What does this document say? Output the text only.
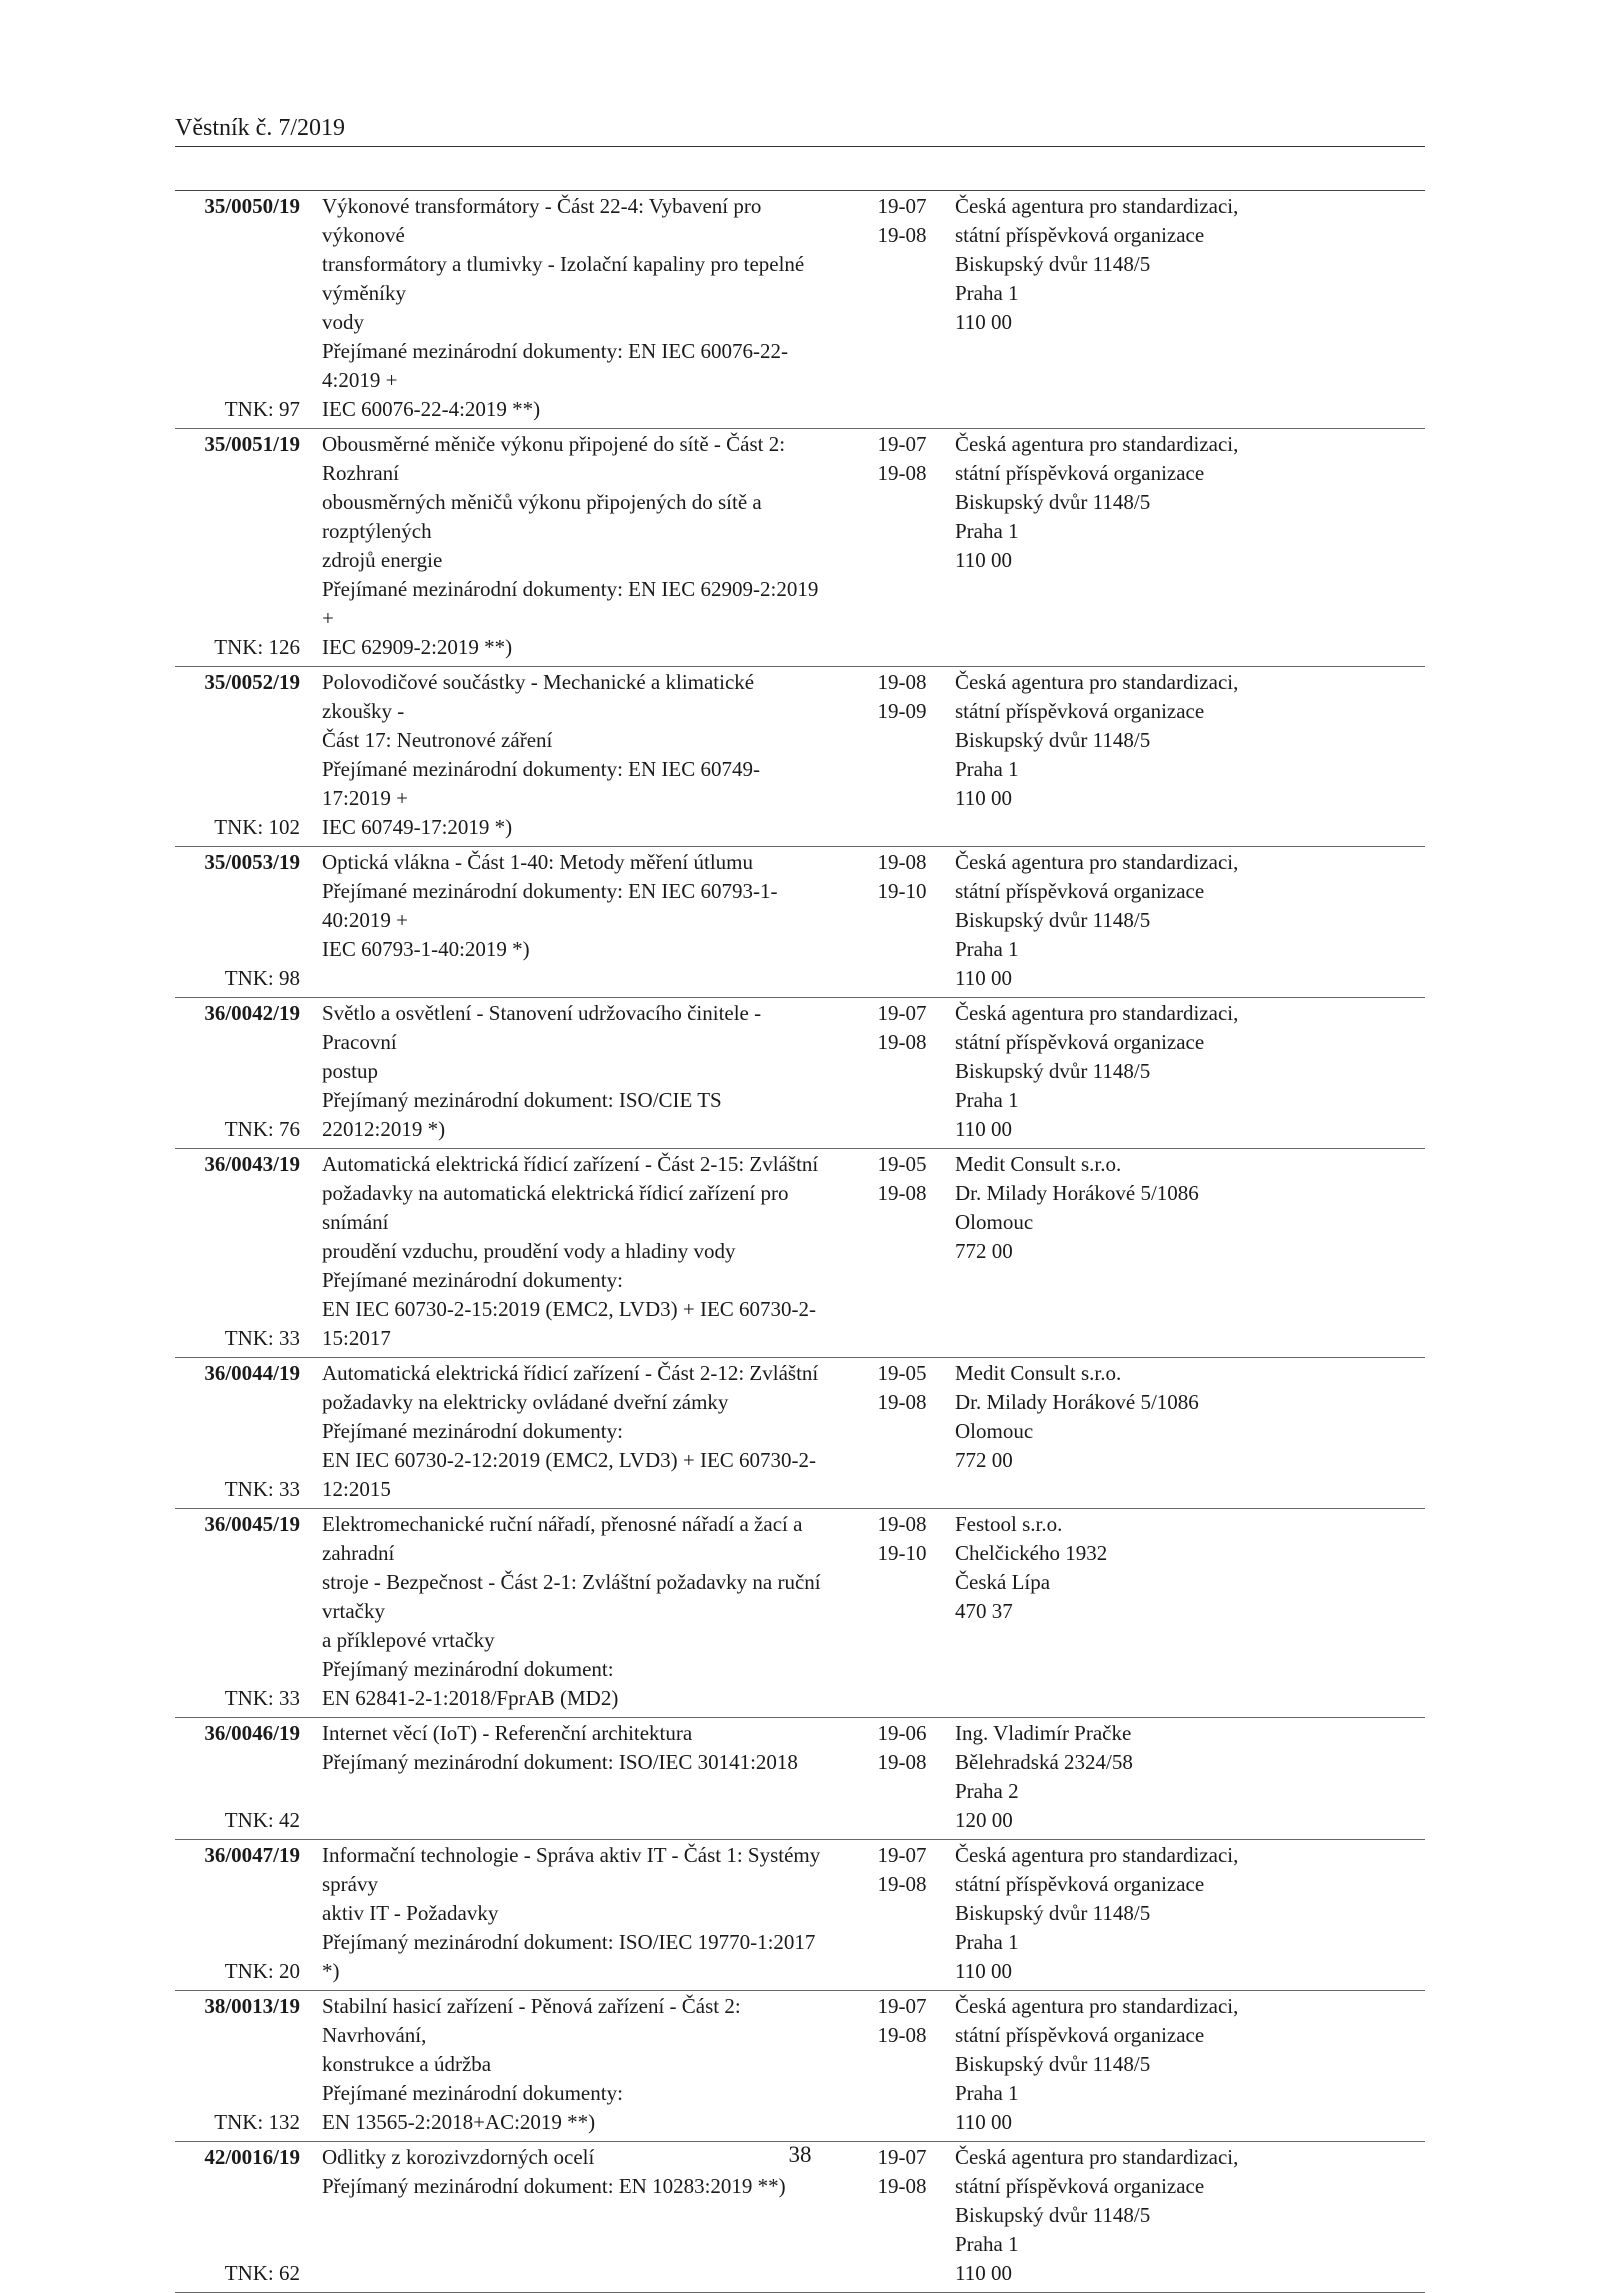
Věstník č. 7/2019
35/0050/19
TNK: 97
Výkonové transformátory - Část 22-4: Vybavení pro výkonové
transformátory a tlumivky - Izolační kapaliny pro tepelné výměníky
vody
Přejímané mezinárodní dokumenty: EN IEC 60076-22-4:2019 +
IEC 60076-22-4:2019 **)
19-07
19-08
Česká agentura pro standardizaci,
státní příspěvková organizace
Biskupský dvůr 1148/5
Praha 1
110 00
35/0051/19
TNK: 126
Obousměrné měniče výkonu připojené do sítě - Část 2: Rozhraní
obousměrných měničů výkonu připojených do sítě a rozptýlených
zdrojů energie
Přejímané mezinárodní dokumenty: EN IEC 62909-2:2019 +
IEC 62909-2:2019 **)
19-07
19-08
Česká agentura pro standardizaci,
státní příspěvková organizace
Biskupský dvůr 1148/5
Praha 1
110 00
35/0052/19
TNK: 102
Polovodičové součástky - Mechanické a klimatické zkoušky -
Část 17: Neutronové záření
Přejímané mezinárodní dokumenty: EN IEC 60749-17:2019 +
IEC 60749-17:2019 *)
19-08
19-09
Česká agentura pro standardizaci,
státní příspěvková organizace
Biskupský dvůr 1148/5
Praha 1
110 00
35/0053/19
TNK: 98
Optická vlákna - Část 1-40: Metody měření útlumu
Přejímané mezinárodní dokumenty: EN IEC 60793-1-40:2019 +
IEC 60793-1-40:2019 *)
19-08
19-10
Česká agentura pro standardizaci,
státní příspěvková organizace
Biskupský dvůr 1148/5
Praha 1
110 00
36/0042/19
TNK: 76
Světlo a osvětlení - Stanovení udržovacího činitele - Pracovní
postup
Přejímaný mezinárodní dokument: ISO/CIE TS 22012:2019 *)
19-07
19-08
Česká agentura pro standardizaci,
státní příspěvková organizace
Biskupský dvůr 1148/5
Praha 1
110 00
36/0043/19
TNK: 33
Automatická elektrická řídicí zařízení - Část 2-15: Zvláštní
požadavky na automatická elektrická řídicí zařízení pro snímání
proudění vzduchu, proudění vody a hladiny vody
Přejímané mezinárodní dokumenty:
EN IEC 60730-2-15:2019 (EMC2, LVD3) + IEC 60730-2-15:2017
19-05
19-08
Medit Consult s.r.o.
Dr. Milady Horákové 5/1086
Olomouc
772 00
36/0044/19
TNK: 33
Automatická elektrická řídicí zařízení - Část 2-12: Zvláštní
požadavky na elektricky ovládané dveřní zámky
Přejímané mezinárodní dokumenty:
EN IEC 60730-2-12:2019 (EMC2, LVD3) + IEC 60730-2-12:2015
19-05
19-08
Medit Consult s.r.o.
Dr. Milady Horákové 5/1086
Olomouc
772 00
36/0045/19
TNK: 33
Elektromechanické ruční nářadí, přenosné nářadí a žací a zahradní
stroje - Bezpečnost - Část 2-1: Zvláštní požadavky na ruční vrtačky
a příklepové vrtačky
Přejímaný mezinárodní dokument:
EN 62841-2-1:2018/FprAB (MD2)
19-08
19-10
Festool s.r.o.
Chelčického 1932
Česká Lípa
470 37
36/0046/19
TNK: 42
Internet věcí (IoT) - Referenční architektura
Přejímaný mezinárodní dokument: ISO/IEC 30141:2018
19-06
19-08
Ing. Vladimír Pračke
Bělehradská 2324/58
Praha 2
120 00
36/0047/19
TNK: 20
Informační technologie - Správa aktiv IT - Část 1: Systémy správy
aktiv IT - Požadavky
Přejímaný mezinárodní dokument: ISO/IEC 19770-1:2017 *)
19-07
19-08
Česká agentura pro standardizaci,
státní příspěvková organizace
Biskupský dvůr 1148/5
Praha 1
110 00
38/0013/19
TNK: 132
Stabilní hasicí zařízení - Pěnová zařízení - Část 2: Navrhování,
konstrukce a údržba
Přejímané mezinárodní dokumenty:
EN 13565-2:2018+AC:2019 **)
19-07
19-08
Česká agentura pro standardizaci,
státní příspěvková organizace
Biskupský dvůr 1148/5
Praha 1
110 00
42/0016/19
TNK: 62
Odlitky z korozivzdorných ocelí
Přejímaný mezinárodní dokument: EN 10283:2019 **)
19-07
19-08
Česká agentura pro standardizaci,
státní příspěvková organizace
Biskupský dvůr 1148/5
Praha 1
110 00
38
